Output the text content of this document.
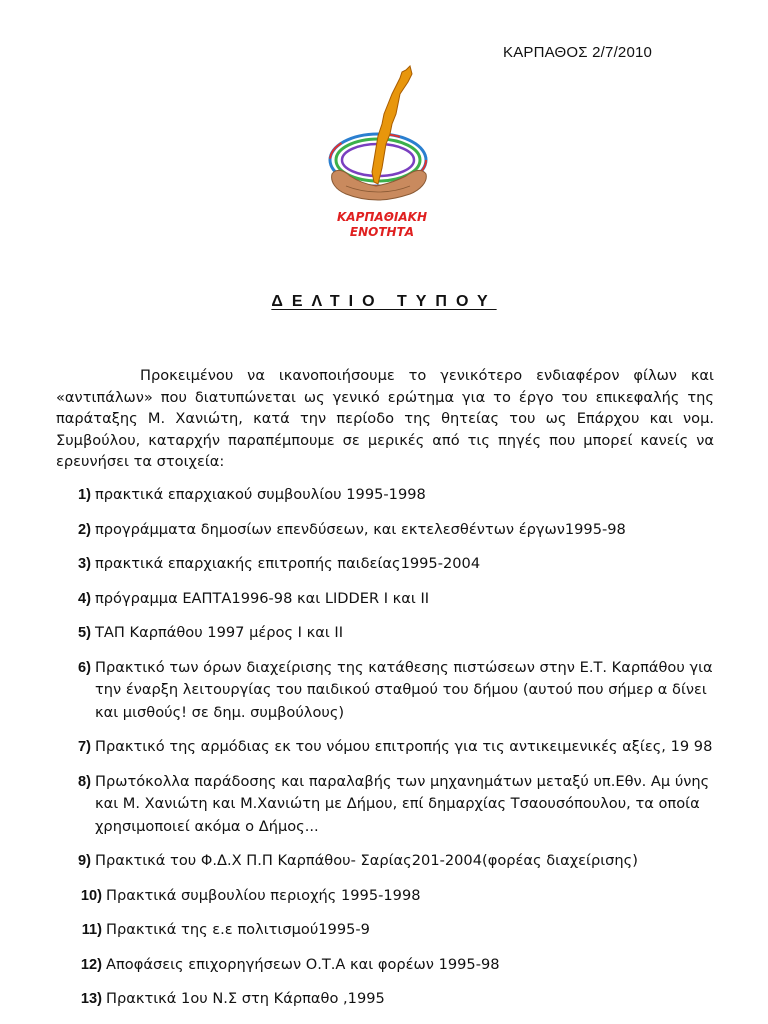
ΚΑΡΠΑΘΟΣ 2/7/2010
ΚΑΡΠΑΘΙΑΚΗ
ΕΝΟΤΗΤΑ
ΔΕΛΤΙΟ ΤΥΠΟΥ
Προκειμένου να ικανοποιήσουμε το γενικότερο ενδιαφέρον φίλων και «αντιπάλων» που διατυπώνεται ως γενικό ερώτημα για το έργο του επικεφαλής της παράταξης Μ. Χανιώτη, κατά την περίοδο της θητείας του ως Επάρχου και νομ. Συμβούλου, καταρχήν παραπέμπουμε σε μερικές από τις πηγές που μπορεί κανείς να ερευνήσει τα στοιχεία:
1) πρακτικά επαρχιακού συμβουλίου 1995-1998
2) προγράμματα δημοσίων επενδύσεων, και εκτελεσθέντων έργων1995-98
3) πρακτικά επαρχιακής επιτροπής παιδείας1995-2004
4) πρόγραμμα ΕΑΠΤΑ1996-98 και LIDDER I και II
5) ΤΑΠ Καρπάθου 1997 μέρος I και II
6) Πρακτικό των όρων διαχείρισης της κατάθεσης πιστώσεων στην Ε.Τ. Καρπάθου για την έναρξη λειτουργίας του παιδικού σταθμού του δήμου (αυτού που σήμερ α δίνει και μισθούς! σε δημ. συμβούλους)
7) Πρακτικό της αρμόδιας εκ του νόμου επιτροπής για τις αντικειμενικές αξίες, 19 98
8) Πρωτόκολλα παράδοσης και παραλαβής των μηχανημάτων μεταξύ υπ.Εθν. Αμ ύνης και Μ. Χανιώτη και Μ.Χανιώτη με Δήμου, επί δημαρχίας Τσαουσόπουλου, τα οποία χρησιμοποιεί ακόμα ο Δήμος...
9) Πρακτικά του Φ.Δ.Χ Π.Π Καρπάθου- Σαρίας201-2004(φορέας διαχείρισης)
10) Πρακτικά συμβουλίου περιοχής 1995-1998
11) Πρακτικά της ε.ε πολιτισμού1995-9
12) Αποφάσεις επιχορηγήσεων Ο.Τ.Α και φορέων 1995-98
13) Πρακτικά 1ου Ν.Σ στη Κάρπαθο ,1995
